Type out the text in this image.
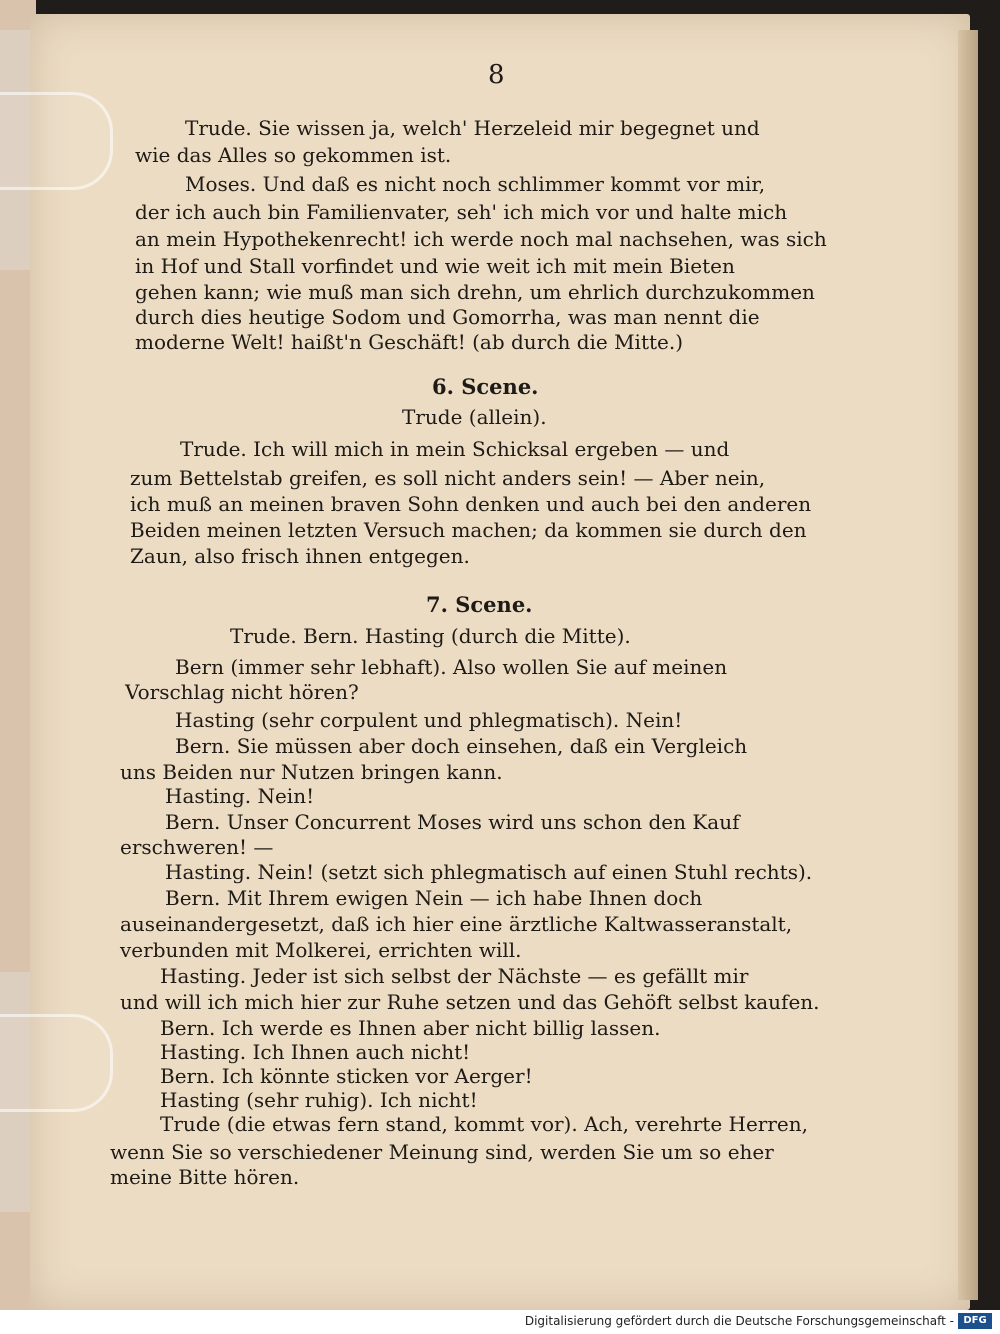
8
Trude. Sie wissen ja, welch' Herzeleid mir begegnet und
wie das Alles so gekommen ist.
Moses. Und daß es nicht noch schlimmer kommt vor mir,
der ich auch bin Familienvater, seh' ich mich vor und halte mich
an mein Hypothekenrecht! ich werde noch mal nachsehen, was sich
in Hof und Stall vorfindet und wie weit ich mit mein Bieten
gehen kann; wie muß man sich drehn, um ehrlich durchzukommen
durch dies heutige Sodom und Gomorrha, was man nennt die
moderne Welt! haißt'n Geschäft! (ab durch die Mitte.)
6. Scene.
Trude (allein).
Trude. Ich will mich in mein Schicksal ergeben — und
zum Bettelstab greifen, es soll nicht anders sein! — Aber nein,
ich muß an meinen braven Sohn denken und auch bei den anderen
Beiden meinen letzten Versuch machen; da kommen sie durch den
Zaun, also frisch ihnen entgegen.
7. Scene.
Trude. Bern. Hasting (durch die Mitte).
Bern (immer sehr lebhaft). Also wollen Sie auf meinen
Vorschlag nicht hören?
Hasting (sehr corpulent und phlegmatisch). Nein!
Bern. Sie müssen aber doch einsehen, daß ein Vergleich
uns Beiden nur Nutzen bringen kann.
Hasting. Nein!
Bern. Unser Concurrent Moses wird uns schon den Kauf
erschweren! —
Hasting. Nein! (setzt sich phlegmatisch auf einen Stuhl rechts).
Bern. Mit Ihrem ewigen Nein — ich habe Ihnen doch
auseinandergesetzt, daß ich hier eine ärztliche Kaltwasseranstalt,
verbunden mit Molkerei, errichten will.
Hasting. Jeder ist sich selbst der Nächste — es gefällt mir
und will ich mich hier zur Ruhe setzen und das Gehöft selbst kaufen.
Bern. Ich werde es Ihnen aber nicht billig lassen.
Hasting. Ich Ihnen auch nicht!
Bern. Ich könnte sticken vor Aerger!
Hasting (sehr ruhig). Ich nicht!
Trude (die etwas fern stand, kommt vor). Ach, verehrte Herren,
wenn Sie so verschiedener Meinung sind, werden Sie um so eher
meine Bitte hören.
Digitalisierung gefördert durch die Deutsche Forschungsgemeinschaft - DFG
